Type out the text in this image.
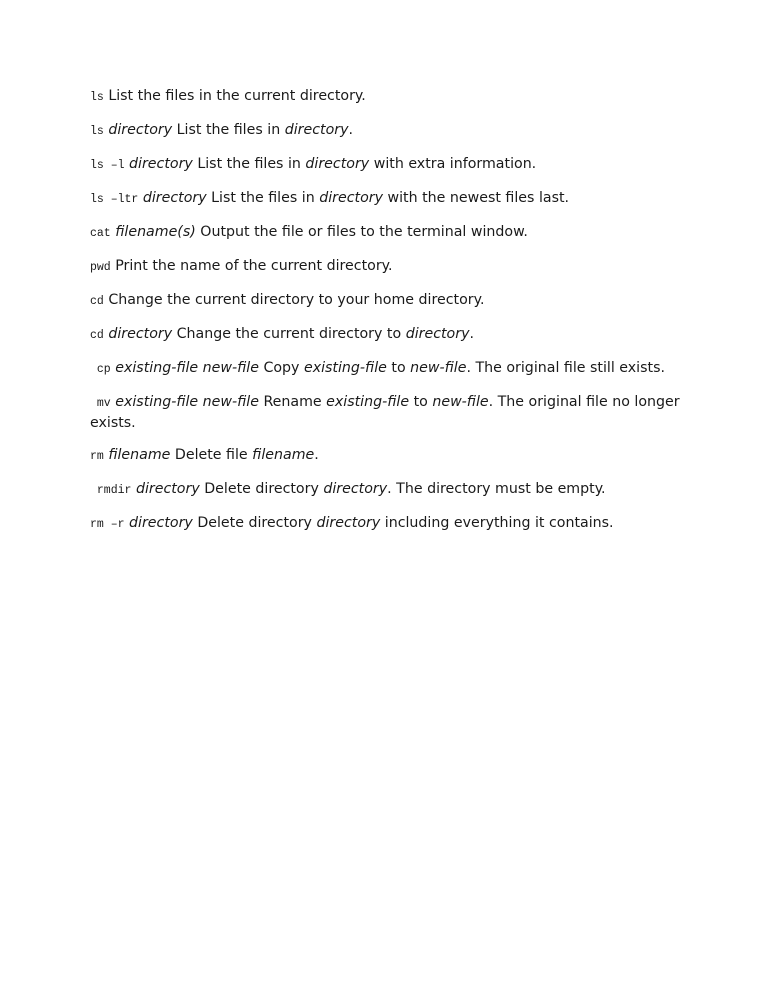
ls List the files in the current directory.

ls directory List the files in directory.

ls –l directory List the files in directory with extra information.

ls –ltr directory List the files in directory with the newest files last.

cat filename(s) Output the file or files to the terminal window.

pwd Print the name of the current directory.

cd Change the current directory to your home directory.

cd directory Change the current directory to directory.

cp existing-file new-file Copy existing-file to new-file. The original file still exists.

mv existing-file new-file Rename existing-file to new-file. The original file no longer exists.

rm filename Delete file filename.

rmdir directory Delete directory directory. The directory must be empty.

rm –r directory Delete directory directory including everything it contains.
